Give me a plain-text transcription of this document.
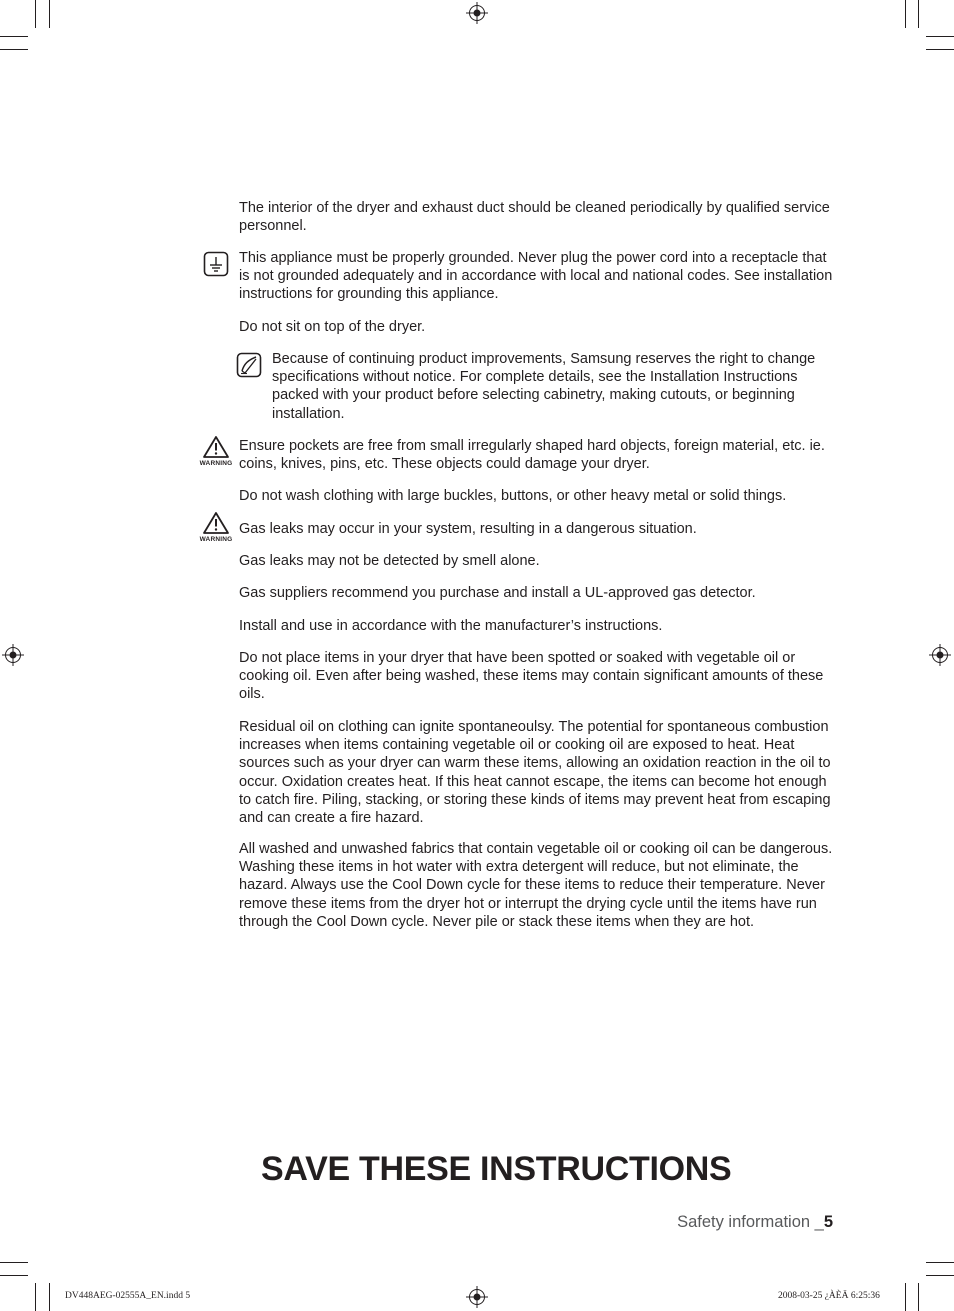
The interior of the dryer and exhaust duct should be cleaned periodically by qualified service personnel.

This appliance must be properly grounded. Never plug the power cord into a receptacle that is not grounded adequately and in accordance with local and national codes. See installation instructions for grounding this appliance.

Do not sit on top of the dryer.

Because of continuing product improvements, Samsung reserves the right to change specifications without notice. For complete details, see the Installation Instructions packed with your product before selecting cabinetry, making cutouts, or beginning installation.

WARNING

Ensure pockets are free from small irregularly shaped hard objects, foreign material, etc. ie. coins, knives, pins, etc. These objects could damage your dryer.

Do not wash clothing with large buckles, buttons, or other heavy metal or solid things.

WARNING

Gas leaks may occur in your system, resulting in a dangerous situation.

Gas leaks may not be detected by smell alone.

Gas suppliers recommend you purchase and install a UL-approved gas detector.

Install and use in accordance with the manufacturer’s instructions.

Do not place items in your dryer that have been spotted or soaked with vegetable oil or cooking oil. Even after being washed, these items may contain significant amounts of these oils.

Residual oil on clothing can ignite spontaneoulsy. The potential for spontaneous combustion increases when items containing vegetable oil or cooking oil are exposed to heat. Heat sources such as your dryer can warm these items, allowing an oxidation reaction in the oil to occur. Oxidation creates heat. If this heat cannot escape, the items can become hot enough to catch fire. Piling, stacking, or storing these kinds of items may prevent heat from escaping and can create a fire hazard.

All washed and unwashed fabrics that contain vegetable oil or cooking oil can be dangerous. Washing these items in hot water with extra detergent will reduce, but not eliminate, the hazard. Always use the Cool Down cycle for these items to reduce their temperature. Never remove these items from the dryer hot or interrupt the drying cycle until the items have run through the Cool Down cycle. Never pile or stack these items when they are hot.

SAVE THESE INSTRUCTIONS
Safety information _5
DV448AEG-02555A_EN.indd 5	2008-03-25 ¿ÀÈÄ 6:25:36
